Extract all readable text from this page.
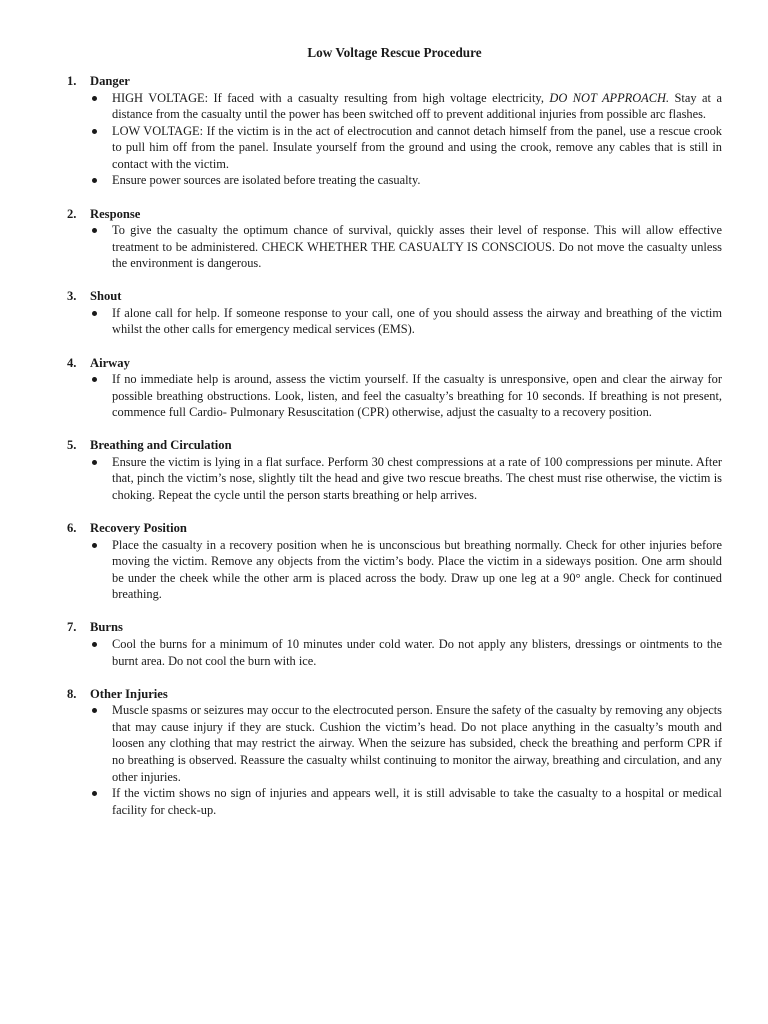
Low Voltage Rescue Procedure
1.	Danger
HIGH VOLTAGE: If faced with a casualty resulting from high voltage electricity, DO NOT APPROACH. Stay at a distance from the casualty until the power has been switched off to prevent additional injuries from possible arc flashes.
LOW VOLTAGE: If the victim is in the act of electrocution and cannot detach himself from the panel, use a rescue crook to pull him off from the panel. Insulate yourself from the ground and using the crook, remove any cables that is still in contact with the victim.
Ensure power sources are isolated before treating the casualty.
2.	Response
To give the casualty the optimum chance of survival, quickly asses their level of response. This will allow effective treatment to be administered. CHECK WHETHER THE CASUALTY IS CONSCIOUS. Do not move the casualty unless the environment is dangerous.
3.	Shout
If alone call for help. If someone response to your call, one of you should assess the airway and breathing of the victim whilst the other calls for emergency medical services (EMS).
4.	Airway
If no immediate help is around, assess the victim yourself. If the casualty is unresponsive, open and clear the airway for possible breathing obstructions. Look, listen, and feel the casualty’s breathing for 10 seconds. If breathing is not present, commence full Cardio- Pulmonary Resuscitation (CPR) otherwise, adjust the casualty to a recovery position.
5.	Breathing and Circulation
Ensure the victim is lying in a flat surface. Perform 30 chest compressions at a rate of 100 compressions per minute. After that, pinch the victim’s nose, slightly tilt the head and give two rescue breaths. The chest must rise otherwise, the victim is choking. Repeat the cycle until the person starts breathing or help arrives.
6.	Recovery Position
Place the casualty in a recovery position when he is unconscious but breathing normally. Check for other injuries before moving the victim. Remove any objects from the victim’s body. Place the victim in a sideways position. One arm should be under the cheek while the other arm is placed across the body. Draw up one leg at a 90° angle. Check for continued breathing.
7.	Burns
Cool the burns for a minimum of 10 minutes under cold water. Do not apply any blisters, dressings or ointments to the burnt area. Do not cool the burn with ice.
8.	Other Injuries
Muscle spasms or seizures may occur to the electrocuted person. Ensure the safety of the casualty by removing any objects that may cause injury if they are stuck. Cushion the victim’s head. Do not place anything in the casualty’s mouth and loosen any clothing that may restrict the airway. When the seizure has subsided, check the breathing and perform CPR if no breathing is observed. Reassure the casualty whilst continuing to monitor the airway, breathing and circulation, and any other injuries.
If the victim shows no sign of injuries and appears well, it is still advisable to take the casualty to a hospital or medical facility for check-up.
